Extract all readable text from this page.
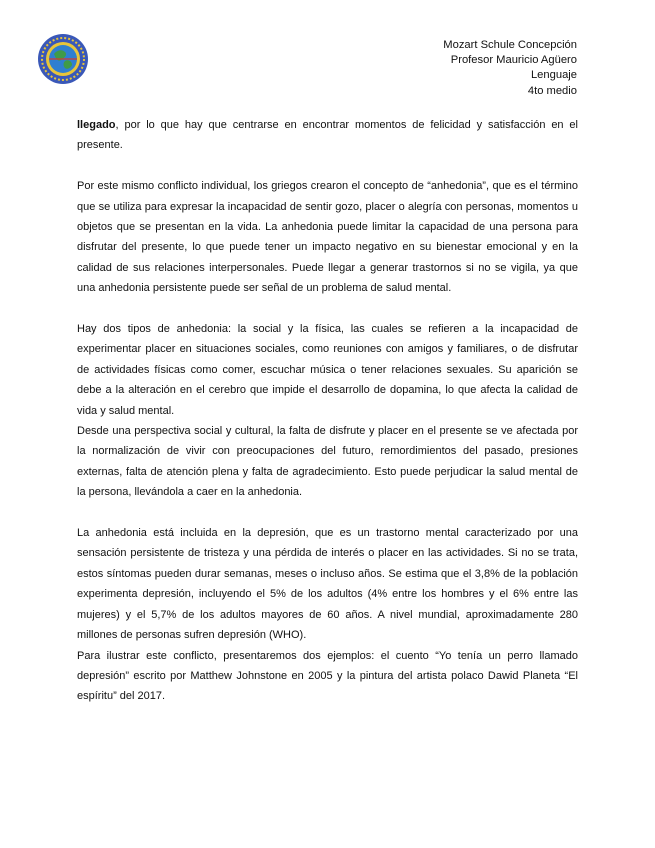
Mozart Schule Concepción
Profesor Mauricio Agüero
Lenguaje
4to medio

llegado, por lo que hay que centrarse en encontrar momentos de felicidad y satisfacción en el presente.

Por este mismo conflicto individual, los griegos crearon el concepto de “anhedonia”, que es el término que se utiliza para expresar la incapacidad de sentir gozo, placer o alegría con personas, momentos u objetos que se presentan en la vida. La anhedonia puede limitar la capacidad de una persona para disfrutar del presente, lo que puede tener un impacto negativo en su bienestar emocional y en la calidad de sus relaciones interpersonales. Puede llegar a generar trastornos si no se vigila, ya que una anhedonia persistente puede ser señal de un problema de salud mental.

Hay dos tipos de anhedonia: la social y la física, las cuales se refieren a la incapacidad de experimentar placer en situaciones sociales, como reuniones con amigos y familiares, o de disfrutar de actividades físicas como comer, escuchar música o tener relaciones sexuales. Su aparición se debe a la alteración en el cerebro que impide el desarrollo de dopamina, lo que afecta la calidad de vida y salud mental.

Desde una perspectiva social y cultural, la falta de disfrute y placer en el presente se ve afectada por la normalización de vivir con preocupaciones del futuro, remordimientos del pasado, presiones externas, falta de atención plena y falta de agradecimiento. Esto puede perjudicar la salud mental de la persona, llevándola a caer en la anhedonia.

La anhedonia está incluida en la depresión, que es un trastorno mental caracterizado por una sensación persistente de tristeza y una pérdida de interés o placer en las actividades. Si no se trata, estos síntomas pueden durar semanas, meses o incluso años. Se estima que el 3,8% de la población experimenta depresión, incluyendo el 5% de los adultos (4% entre los hombres y el 6% entre las mujeres) y el 5,7% de los adultos mayores de 60 años. A nivel mundial, aproximadamente 280 millones de personas sufren depresión (WHO).

Para ilustrar este conflicto, presentaremos dos ejemplos: el cuento “Yo tenía un perro llamado depresión” escrito por Matthew Johnstone en 2005 y la pintura del artista polaco Dawid Planeta “El espíritu” del 2017.
